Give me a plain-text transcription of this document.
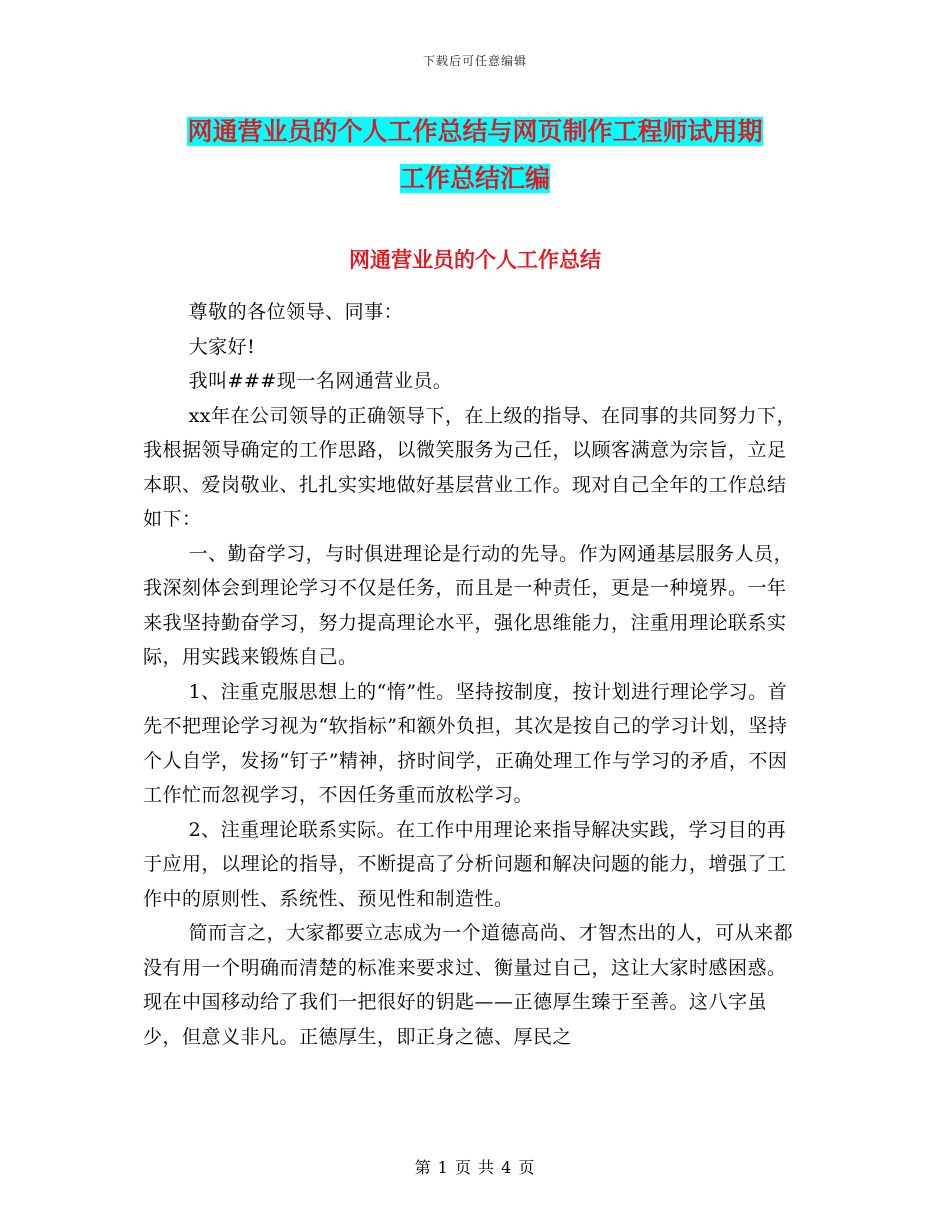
下载后可任意编辑
网通营业员的个人工作总结与网页制作工程师试用期
工作总结汇编
网通营业员的个人工作总结

尊敬的各位领导、同事：

大家好!

我叫###现一名网通营业员。

xx年在公司领导的正确领导下，在上级的指导、在同事的共同努力下，我根据领导确定的工作思路，以微笑服务为己任，以顾客满意为宗旨，立足本职、爱岗敬业、扎扎实实地做好基层营业工作。现对自己全年的工作总结如下：

一、勤奋学习，与时俱进理论是行动的先导。作为网通基层服务人员，我深刻体会到理论学习不仅是任务，而且是一种责任，更是一种境界。一年来我坚持勤奋学习，努力提高理论水平，强化思维能力，注重用理论联系实际，用实践来锻炼自己。

1、注重克服思想上的“惰”性。坚持按制度，按计划进行理论学习。首先不把理论学习视为“软指标”和额外负担，其次是按自己的学习计划，坚持个人自学，发扬“钉子”精神，挤时间学，正确处理工作与学习的矛盾，不因工作忙而忽视学习，不因任务重而放松学习。

2、注重理论联系实际。在工作中用理论来指导解决实践，学习目的再于应用，以理论的指导，不断提高了分析问题和解决问题的能力，增强了工作中的原则性、系统性、预见性和制造性。

简而言之，大家都要立志成为一个道德高尚、才智杰出的人，可从来都没有用一个明确而清楚的标准来要求过、衡量过自己，这让大家时感困惑。现在中国移动给了我们一把很好的钥匙——正德厚生臻于至善。这八字虽少，但意义非凡。正德厚生，即正身之德、厚民之

第 1 页 共 4 页
